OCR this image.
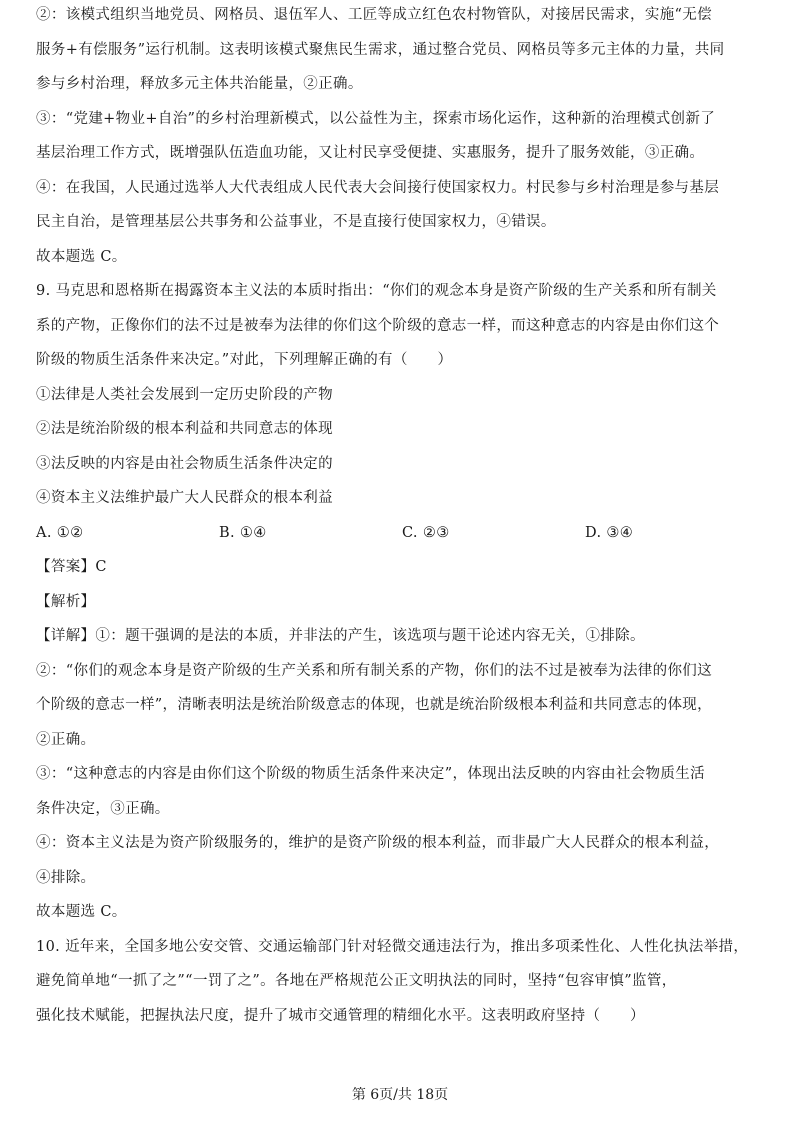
②：该模式组织当地党员、网格员、退伍军人、工匠等成立红色农村物管队，对接居民需求，实施“无偿
服务+有偿服务”运行机制。这表明该模式聚焦民生需求，通过整合党员、网格员等多元主体的力量，共同
参与乡村治理，释放多元主体共治能量，②正确。
③：“党建+物业+自治”的乡村治理新模式，以公益性为主，探索市场化运作，这种新的治理模式创新了
基层治理工作方式，既增强队伍造血功能，又让村民享受便捷、实惠服务，提升了服务效能，③正确。
④：在我国，人民通过选举人大代表组成人民代表大会间接行使国家权力。村民参与乡村治理是参与基层
民主自治，是管理基层公共事务和公益事业，不是直接行使国家权力，④错误。
故本题选 C。
9. 马克思和恩格斯在揭露资本主义法的本质时指出：“你们的观念本身是资产阶级的生产关系和所有制关
系的产物，正像你们的法不过是被奉为法律的你们这个阶级的意志一样，而这种意志的内容是由你们这个
阶级的物质生活条件来决定。”对此，下列理解正确的有（　　）
①法律是人类社会发展到一定历史阶段的产物
②法是统治阶级的根本利益和共同意志的体现
③法反映的内容是由社会物质生活条件决定的
④资本主义法维护最广大人民群众的根本利益
A. ①②	B. ①④	C. ②③	D. ③④
【答案】C
【解析】
【详解】①：题干强调的是法的本质，并非法的产生，该选项与题干论述内容无关，①排除。
②：“你们的观念本身是资产阶级的生产关系和所有制关系的产物，你们的法不过是被奉为法律的你们这
个阶级的意志一样”，清晰表明法是统治阶级意志的体现，也就是统治阶级根本利益和共同意志的体现，
②正确。
③：“这种意志的内容是由你们这个阶级的物质生活条件来决定”，体现出法反映的内容由社会物质生活
条件决定，③正确。
④：资本主义法是为资产阶级服务的，维护的是资产阶级的根本利益，而非最广大人民群众的根本利益，
④排除。
故本题选 C。
10. 近年来，全国多地公安交管、交通运输部门针对轻微交通违法行为，推出多项柔性化、人性化执法举措，
避免简单地“一抓了之”“一罚了之”。各地在严格规范公正文明执法的同时，坚持“包容审慎”监管，
强化技术赋能，把握执法尺度，提升了城市交通管理的精细化水平。这表明政府坚持（　　）
第 6页/共 18页
